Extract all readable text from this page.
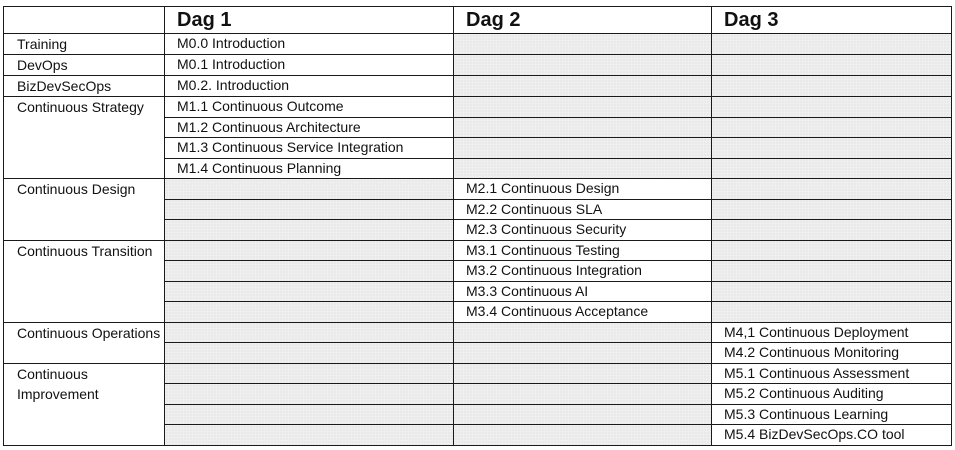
	Dag 1	Dag 2	Dag 3
Training	M0.0 Introduction		
DevOps	M0.1 Introduction		
BizDevSecOps	M0.2. Introduction		
Continuous Strategy	M1.1 Continuous Outcome		
	M1.2 Continuous Architecture		
	M1.3 Continuous Service Integration		
	M1.4 Continuous Planning		
Continuous Design		M2.1 Continuous Design	
		M2.2 Continuous SLA	
		M2.3 Continuous Security	
Continuous Transition		M3.1 Continuous Testing	
		M3.2 Continuous Integration	
		M3.3 Continuous AI	
		M3.4 Continuous Acceptance	
Continuous Operations			M4,1 Continuous Deployment
			M4.2 Continuous Monitoring
Continuous Improvement			M5.1 Continuous Assessment
			M5.2 Continuous Auditing
			M5.3 Continuous Learning
			M5.4 BizDevSecOps.CO tool
